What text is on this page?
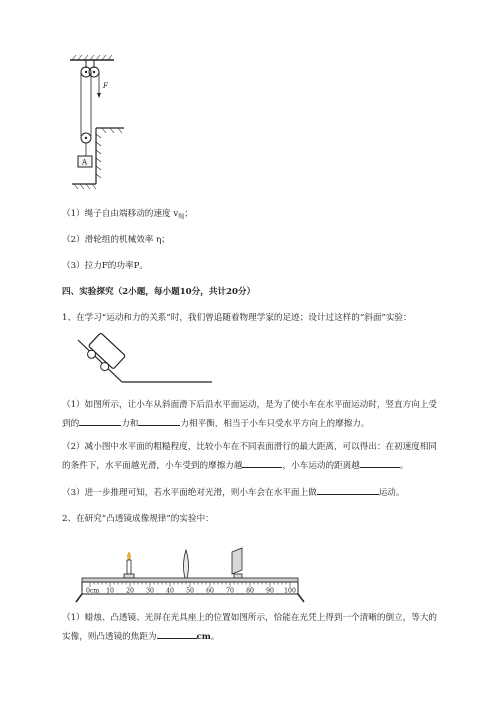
F
A
（1）绳子自由端移动的速度 $v_绳$；
（2）滑轮组的机械效率 η；
（3）拉力F的功率P。
四、实验探究（2小题，每小题10分，共计20分）
1、在学习“运动和力的关系”时，我们曾追随着物理学家的足迹；设计过这样的“斜面”实验：
（1）如图所示，让小车从斜面滑下后沿水平面运动，是为了使小车在水平面运动时，竖直方向上受到的	力和	力相平衡，相当于小车只受水平方向上的摩擦力。
（2）减小图中水平面的粗糙程度，比较小车在不同表面滑行的最大距离，可以得出：在初速度相同的条件下，水平面越光滑，小车受到的摩擦力越	，小车运动的距离越	。
（3）进一步推理可知，若水平面绝对光滑，则小车会在水平面上做	运动。
2、在研究”凸透镜成像规律”的实验中：
0cm 10 20 30 40 50 60 70 80 90 100
（1）蜡烛、凸透镜、光屏在光具座上的位置如图所示，恰能在光凭上得到一个清晰的倒立，等大的实像，则凸透镜的焦距为	cm。
